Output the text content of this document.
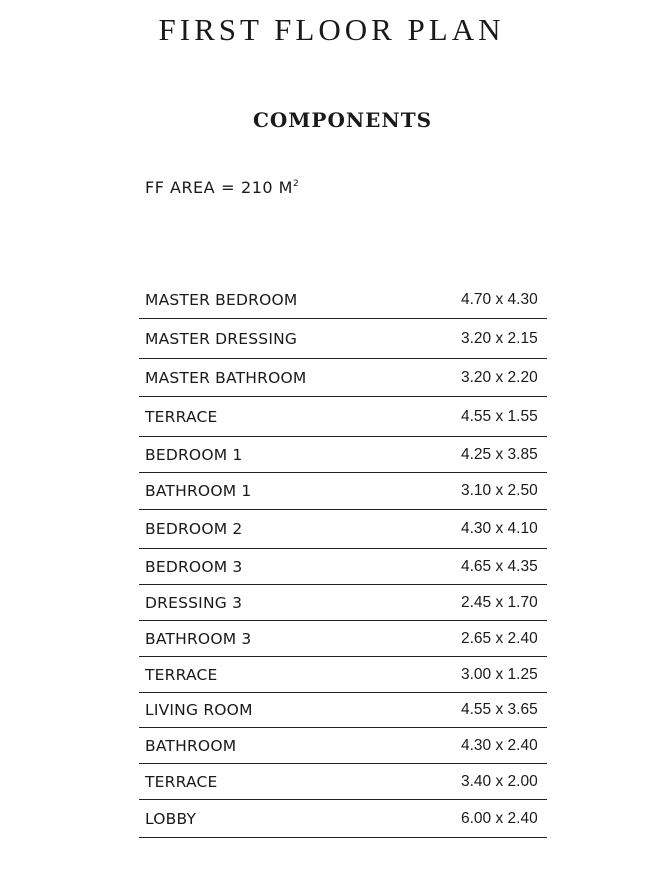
FIRST FLOOR PLAN
COMPONENTS
FF AREA = 210 $M^2$
MASTER BEDROOM	4.70 x 4.30
MASTER DRESSING	3.20 x 2.15
MASTER BATHROOM	3.20 x 2.20
TERRACE	4.55 x 1.55
BEDROOM 1	4.25 x 3.85
BATHROOM 1	3.10 x 2.50
BEDROOM 2	4.30 x 4.10
BEDROOM 3	4.65 x 4.35
DRESSING 3	2.45 x 1.70
BATHROOM 3	2.65 x 2.40
TERRACE	3.00 x 1.25
LIVING ROOM	4.55 x 3.65
BATHROOM	4.30 x 2.40
TERRACE	3.40 x 2.00
LOBBY	6.00 x 2.40
